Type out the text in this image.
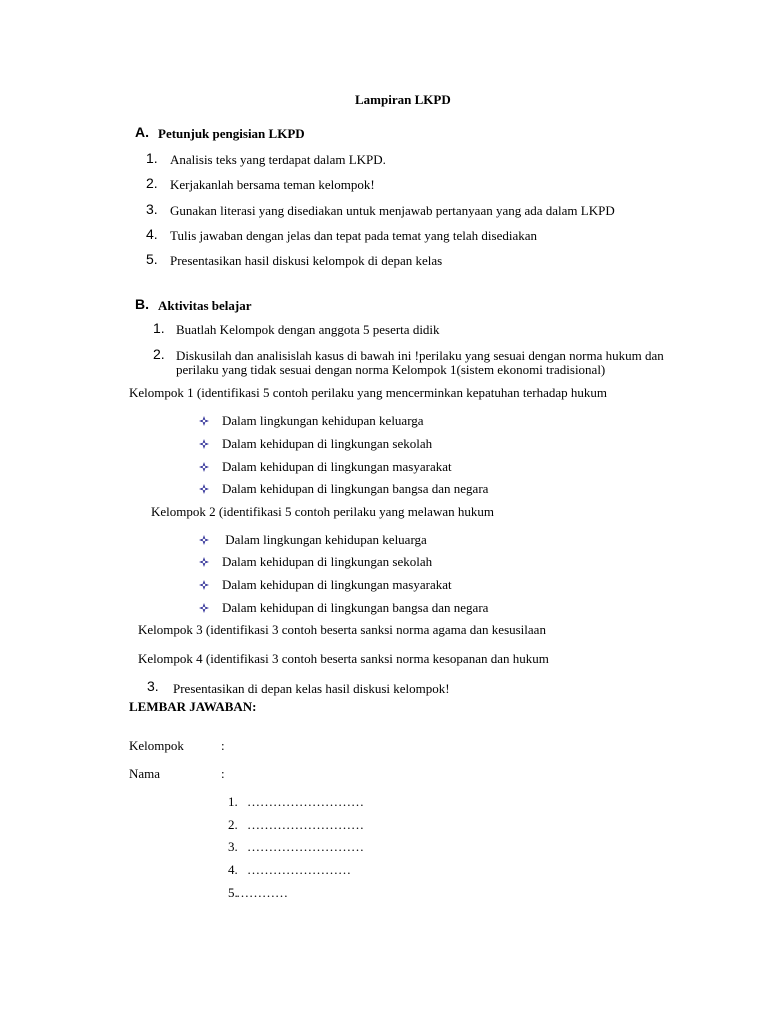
Lampiran LKPD
A. Petunjuk pengisian LKPD
1. Analisis teks yang terdapat dalam LKPD.
2. Kerjakanlah bersama teman kelompok!
3. Gunakan literasi yang disediakan untuk menjawab pertanyaan yang ada dalam LKPD
4. Tulis jawaban dengan jelas dan tepat pada temat yang telah disediakan
5. Presentasikan hasil diskusi kelompok di depan kelas
B. Aktivitas belajar
1. Buatlah Kelompok dengan anggota 5 peserta didik
2. Diskusilah dan analisislah kasus di bawah ini !perilaku yang sesuai dengan norma hukum dan
perilaku yang tidak sesuai dengan norma Kelompok 1(sistem ekonomi tradisional)
Kelompok 1 (identifikasi 5 contoh perilaku yang mencerminkan kepatuhan terhadap hukum
Dalam lingkungan kehidupan keluarga
Dalam kehidupan di lingkungan sekolah
Dalam kehidupan di lingkungan masyarakat
Dalam kehidupan di lingkungan bangsa dan negara
Kelompok 2 (identifikasi 5 contoh perilaku yang melawan hukum
Dalam lingkungan kehidupan keluarga
Dalam kehidupan di lingkungan sekolah
Dalam kehidupan di lingkungan masyarakat
Dalam kehidupan di lingkungan bangsa dan negara
Kelompok 3 (identifikasi 3 contoh beserta sanksi norma agama dan kesusilaan
Kelompok 4 (identifikasi 3 contoh beserta sanksi norma kesopanan dan hukum
3. Presentasikan di depan kelas hasil diskusi kelompok!
LEMBAR JAWABAN:
Kelompok	:
Nama	:
1. ………………………
2. ………………………
3. ………………………
4. ……………………
5.
…………
